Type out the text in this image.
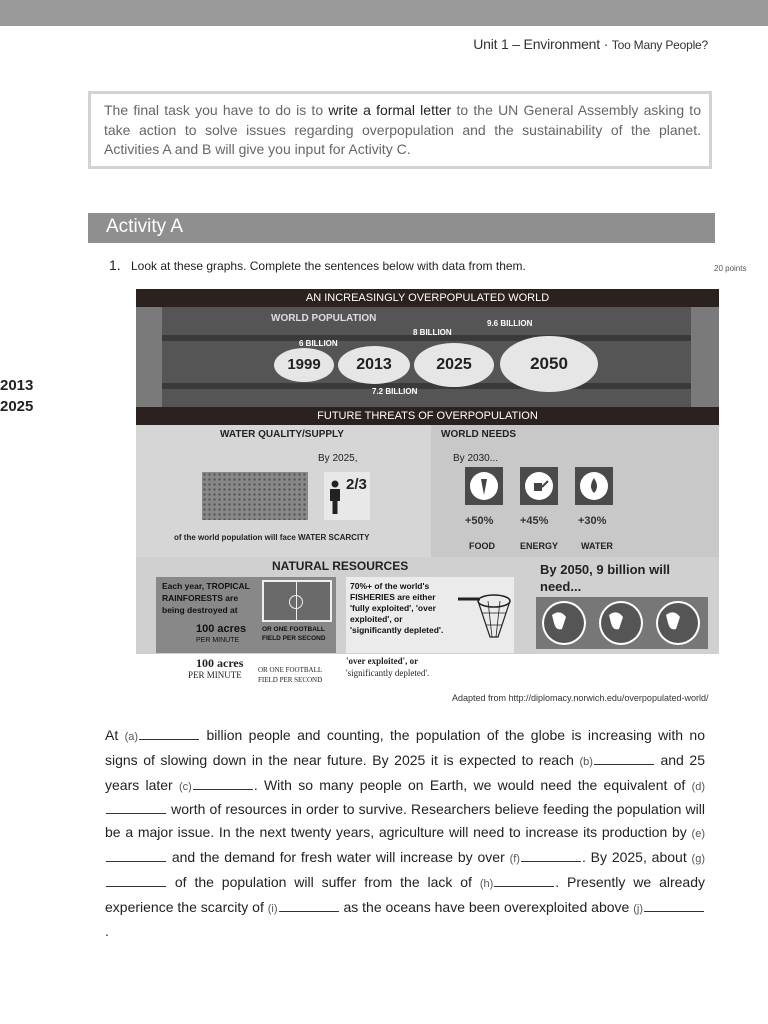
Unit 1 – Environment · Too Many People?
The final task you have to do is to write a formal letter to the UN General Assembly asking to take action to solve issues regarding overpopulation and the sustainability of the planet. Activities A and B will give you input for Activity C.
Activity A
1. Look at these graphs. Complete the sentences below with data from them.	20 points
2013
2025
AN INCREASINGLY OVERPOPULATED WORLD
WORLD POPULATION
6 BILLION
8 BILLION
9.6 BILLION
7.2 BILLION
1999	2013	2025	2050
FUTURE THREATS OF OVERPOPULATION
WATER QUALITY/SUPPLY
By 2025,
2/3
of the world population will face WATER SCARCITY
WORLD NEEDS
By 2030...
+50% +45%	+30%
FOOD	ENERGY	WATER
NATURAL RESOURCES
Each year, TROPICAL RAINFORESTS are being destroyed at
100 acres
PER MINUTE
OR ONE FOOTBALL FIELD PER SECOND
70%+ of the world's FISHERIES are either 'fully exploited', 'over exploited', or 'significantly depleted'.
By 2050, 9 billion will need...
100 acres
PER MINUTE OR ONE FOOTBALL
FIELD PER SECOND
'over exploited', or
'significantly depleted'.
Adapted from http://diplomacy.norwich.edu/overpopulated-world/
At (a)	billion people and counting, the population of the globe is increasing with no signs of slowing down in the near future. By 2025 it is expected to reach (b)	and 25 years later (c)	. With so many people on Earth, we would need the equivalent of (d) worth of resources in order to survive. Researchers believe feeding the population will be a major issue. In the next twenty years, agriculture will need to increase its production by (e) and the demand for fresh water will increase by over (f)	. By 2025, about (g) of the population will suffer from the lack of (h)	. Presently we already experience the scarcity of (i)	as the oceans have been overexploited above (j).
